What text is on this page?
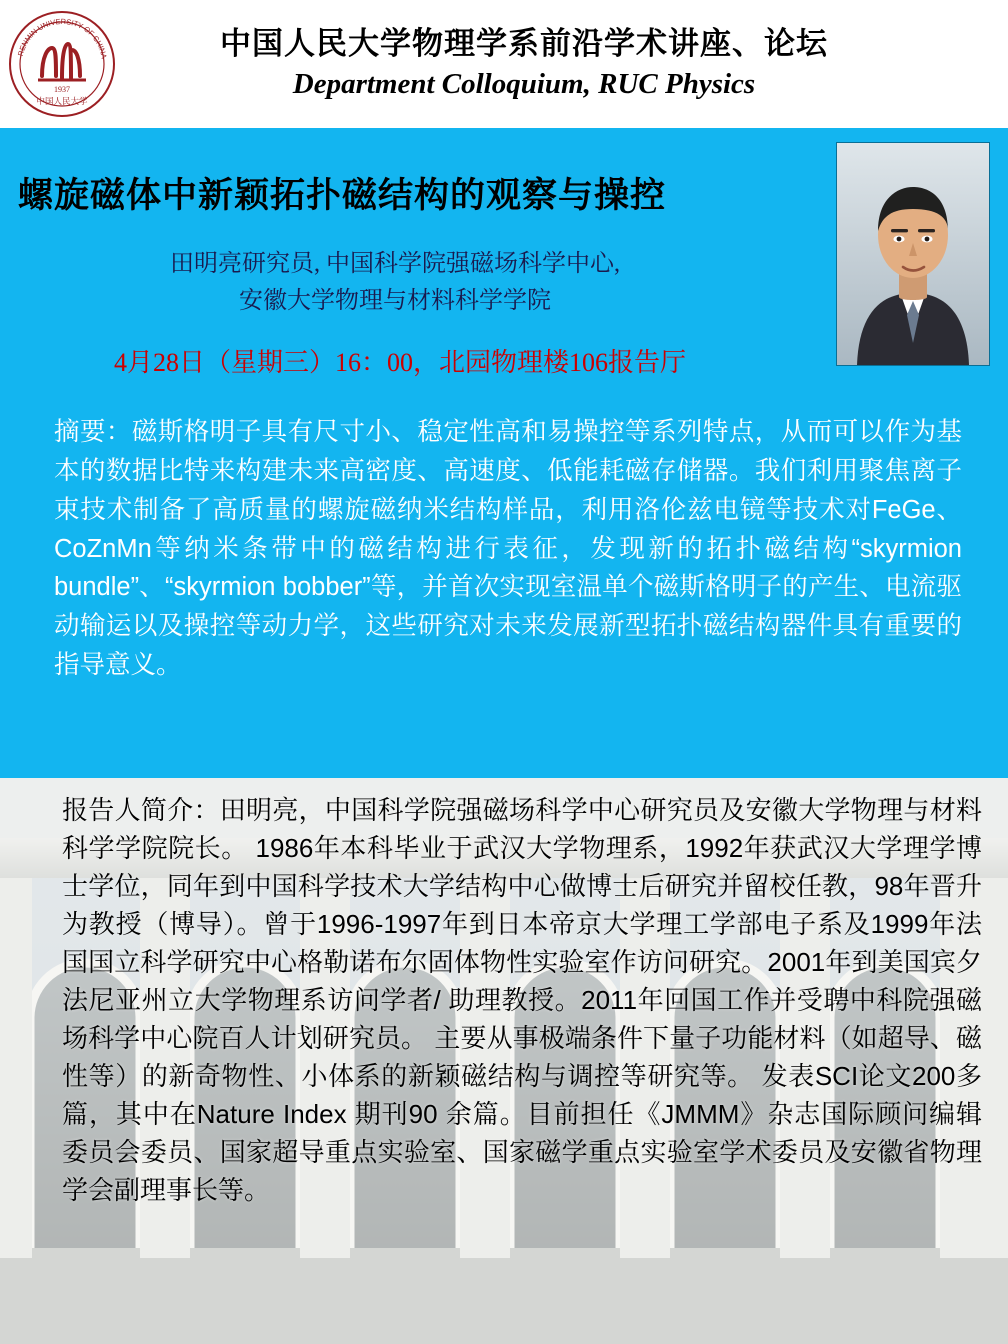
1937
中国人民大学
RENMIN UNIVERSITY OF CHINA	中国人民大学物理学系前沿学术讲座、论坛
Department Colloquium, RUC Physics
螺旋磁体中新颖拓扑磁结构的观察与操控
田明亮研究员, 中国科学院强磁场科学中心,
安徽大学物理与材料科学学院
4月28日（星期三）16：00，北园物理楼106报告厅
摘要：磁斯格明子具有尺寸小、稳定性高和易操控等系列特点，从而可以作为基本的数据比特来构建未来高密度、高速度、低能耗磁存储器。我们利用聚焦离子束技术制备了高质量的螺旋磁纳米结构样品，利用洛伦兹电镜等技术对FeGe、CoZnMn等纳米条带中的磁结构进行表征，发现新的拓扑磁结构“skyrmion bundle”、“skyrmion bobber”等，并首次实现室温单个磁斯格明子的产生、电流驱动输运以及操控等动力学，这些研究对未来发展新型拓扑磁结构器件具有重要的指导意义。
报告人简介：田明亮，中国科学院强磁场科学中心研究员及安徽大学物理与材料科学学院院长。 1986年本科毕业于武汉大学物理系，1992年获武汉大学理学博士学位，同年到中国科学技术大学结构中心做博士后研究并留校任教，98年晋升为教授（博导）。曾于1996-1997年到日本帝京大学理工学部电子系及1999年法国国立科学研究中心格勒诺布尔固体物性实验室作访问研究。2001年到美国宾夕法尼亚州立大学物理系访问学者/ 助理教授。2011年回国工作并受聘中科院强磁场科学中心院百人计划研究员。 主要从事极端条件下量子功能材料（如超导、磁性等）的新奇物性、小体系的新颖磁结构与调控等研究等。 发表SCI论文200多篇，其中在Nature Index 期刊90 余篇。目前担任《JMMM》杂志国际顾问编辑委员会委员、国家超导重点实验室、国家磁学重点实验室学术委员及安徽省物理学会副理事长等。
